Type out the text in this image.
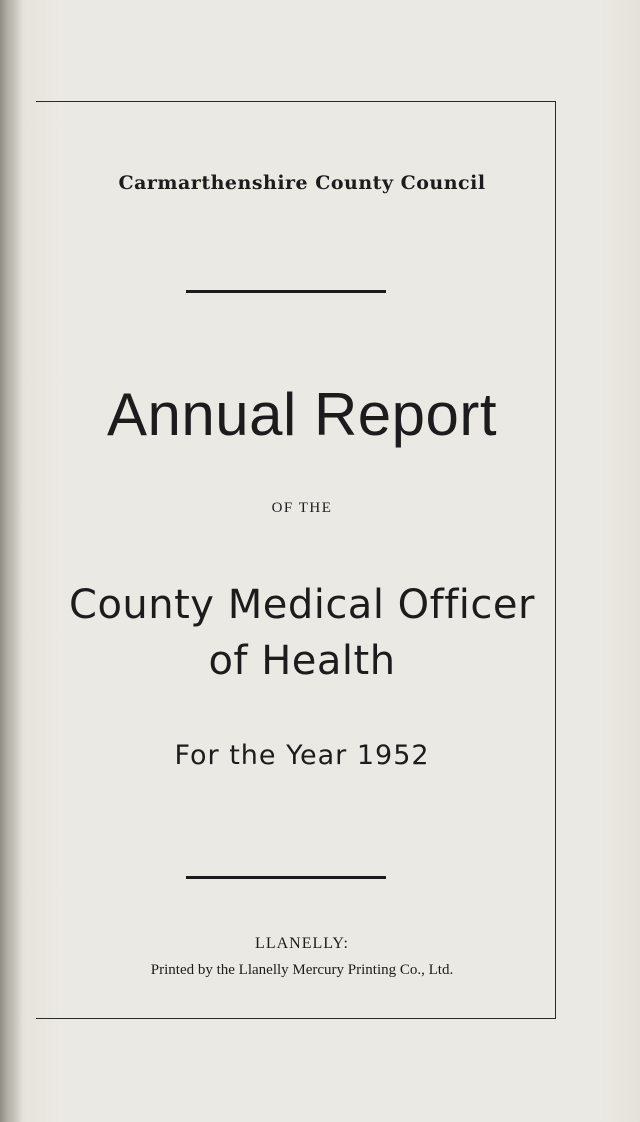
Carmarthenshire County Council
Annual Report
OF THE
County Medical Officer
of Health
For the Year 1952
LLANELLY:
Printed by the Llanelly Mercury Printing Co., Ltd.
